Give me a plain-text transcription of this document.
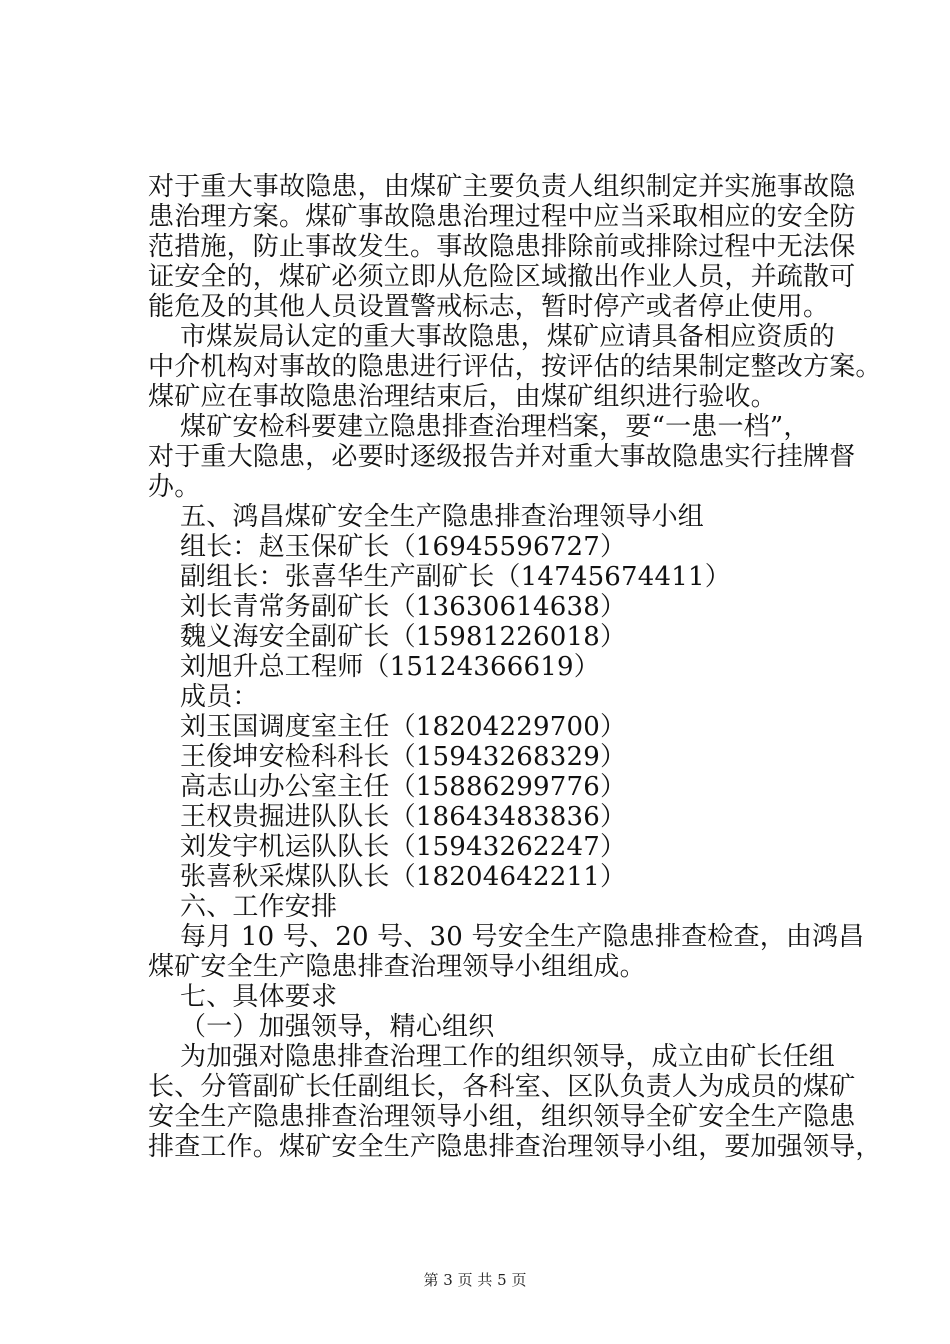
对于重大事故隐患，由煤矿主要负责人组织制定并实施事故隐
患治理方案。煤矿事故隐患治理过程中应当采取相应的安全防
范措施，防止事故发生。事故隐患排除前或排除过程中无法保
证安全的，煤矿必须立即从危险区域撤出作业人员，并疏散可
能危及的其他人员设置警戒标志，暂时停产或者停止使用。
市煤炭局认定的重大事故隐患，煤矿应请具备相应资质的
中介机构对事故的隐患进行评估，按评估的结果制定整改方案。
煤矿应在事故隐患治理结束后，由煤矿组织进行验收。
煤矿安检科要建立隐患排查治理档案，要“一患一档”，
对于重大隐患，必要时逐级报告并对重大事故隐患实行挂牌督
办。
五、鸿昌煤矿安全生产隐患排查治理领导小组
组长：赵玉保矿长（16945596727）
副组长：张喜华生产副矿长（14745674411）
刘长青常务副矿长（13630614638）
魏义海安全副矿长（15981226018）
刘旭升总工程师（15124366619）
成员：
刘玉国调度室主任（18204229700）
王俊坤安检科科长（15943268329）
高志山办公室主任（15886299776）
王权贵掘进队队长（18643483836）
刘发宇机运队队长（15943262247）
张喜秋采煤队队长（18204642211）
六、工作安排
每月 10 号、20 号、30 号安全生产隐患排查检查，由鸿昌
煤矿安全生产隐患排查治理领导小组组成。
七、具体要求
（一）加强领导，精心组织
为加强对隐患排查治理工作的组织领导，成立由矿长任组
长、分管副矿长任副组长，各科室、区队负责人为成员的煤矿
安全生产隐患排查治理领导小组，组织领导全矿安全生产隐患
排查工作。煤矿安全生产隐患排查治理领导小组，要加强领导，
第 3 页 共 5 页
